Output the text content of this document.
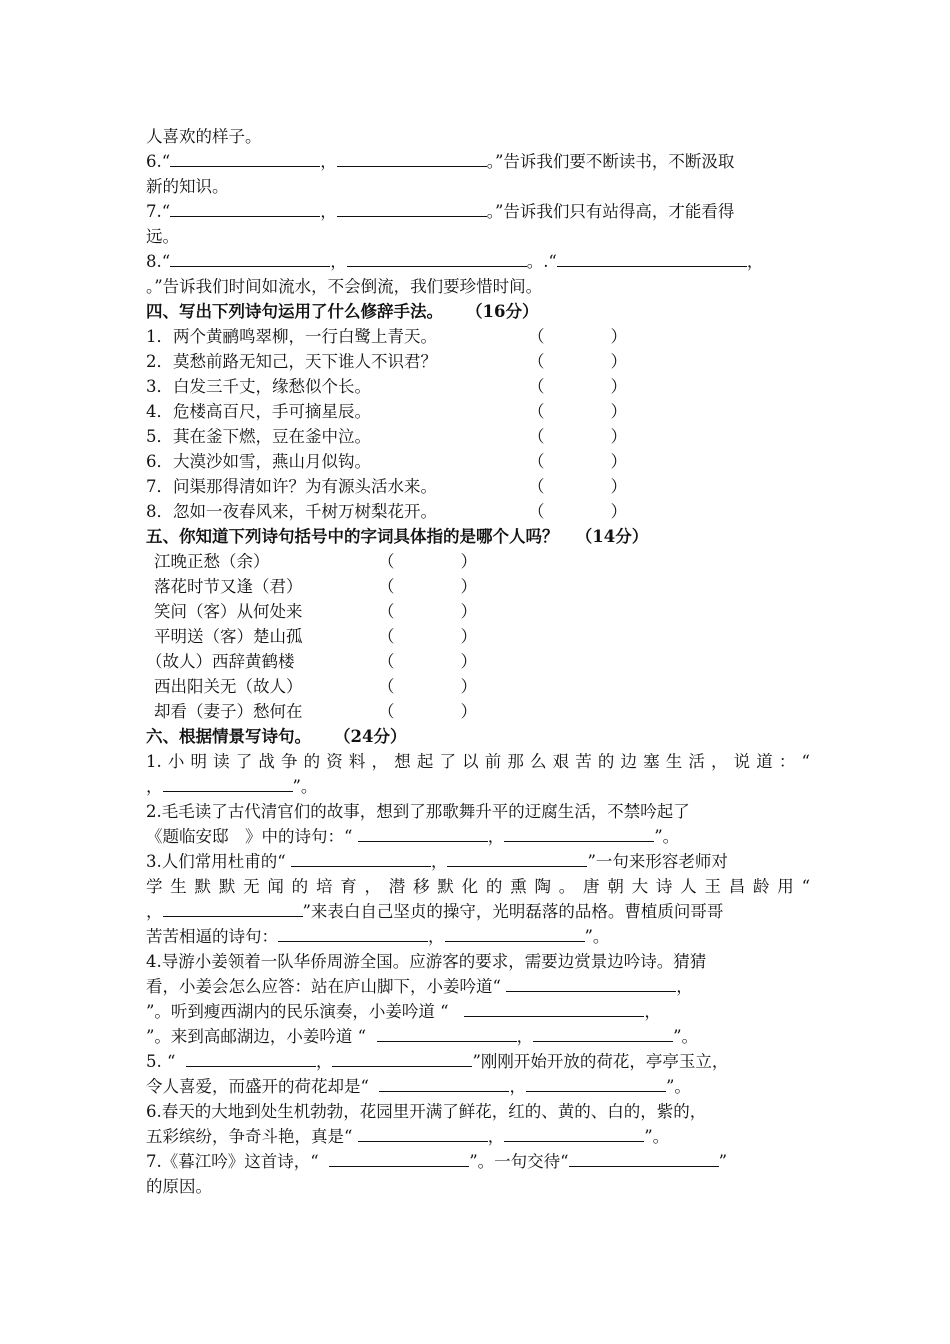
人喜欢的样子。
6.“	，	。”告诉我们要不断读书，不断汲取
新的知识。
7.“	，	。”告诉我们只有站得高，才能看得
远。
8.“	，	。.“	，
。”告诉我们时间如流水，不会倒流，我们要珍惜时间。
四、写出下列诗句运用了什么修辞手法。 （16分）
1．两个黄鹂鸣翠柳，一行白鹭上青天。	（　　　　）
2．莫愁前路无知己，天下谁人不识君？	（　　　　）
3．白发三千丈，缘愁似个长。	（　　　　）
4．危楼高百尺，手可摘星辰。	（　　　　）
5．萁在釜下燃，豆在釜中泣。	（　　　　）
6．大漠沙如雪，燕山月似钩。	（　　　　）
7．问渠那得清如许？为有源头活水来。	（　　　　）
8．忽如一夜春风来，千树万树梨花开。	（　　　　）
五、你知道下列诗句括号中的字词具体指的是哪个人吗？ （14分）
江晚正愁（余）	（　　　　）
落花时节又逢（君）	（　　　　）
笑问（客）从何处来	（　　　　）
平明送（客）楚山孤	（　　　　）
（故人）西辞黄鹤楼	（　　　　）
西出阳关无（故人）	（　　　　）
却看（妻子）愁何在	（　　　　）
六、根据情景写诗句。 （24分）
1.小明读了战争的资料，想起了以前那么艰苦的边塞生活，说道：“
，	”。
2.毛毛读了古代清官们的故事，想到了那歌舞升平的迂腐生活，不禁吟起了
《题临安邸　》中的诗句：“	，	”。
3.人们常用杜甫的“	，	”一句来形容老师对
学生默默无闻的培育，潜移默化的熏陶。唐朝大诗人王昌龄用“
，	”来表白自己坚贞的操守，光明磊落的品格。曹植质问哥哥
苦苦相逼的诗句：	，	”。
4.导游小姜领着一队华侨周游全国。应游客的要求，需要边赏景边吟诗。猜猜
看，小姜会怎么应答：站在庐山脚下，小姜吟道“	，
”。听到瘦西湖内的民乐演奏，小姜吟道 “	，
”。来到高邮湖边，小姜吟道 “	，	”。
5. “	，	”刚刚开始开放的荷花，亭亭玉立，
令人喜爱，而盛开的荷花却是“	，	”。
6.春天的大地到处生机勃勃，花园里开满了鲜花，红的、黄的、白的，紫的，
五彩缤纷，争奇斗艳，真是“	，	”。
7.《暮江吟》这首诗，“	”。一句交待“	”
的原因。
